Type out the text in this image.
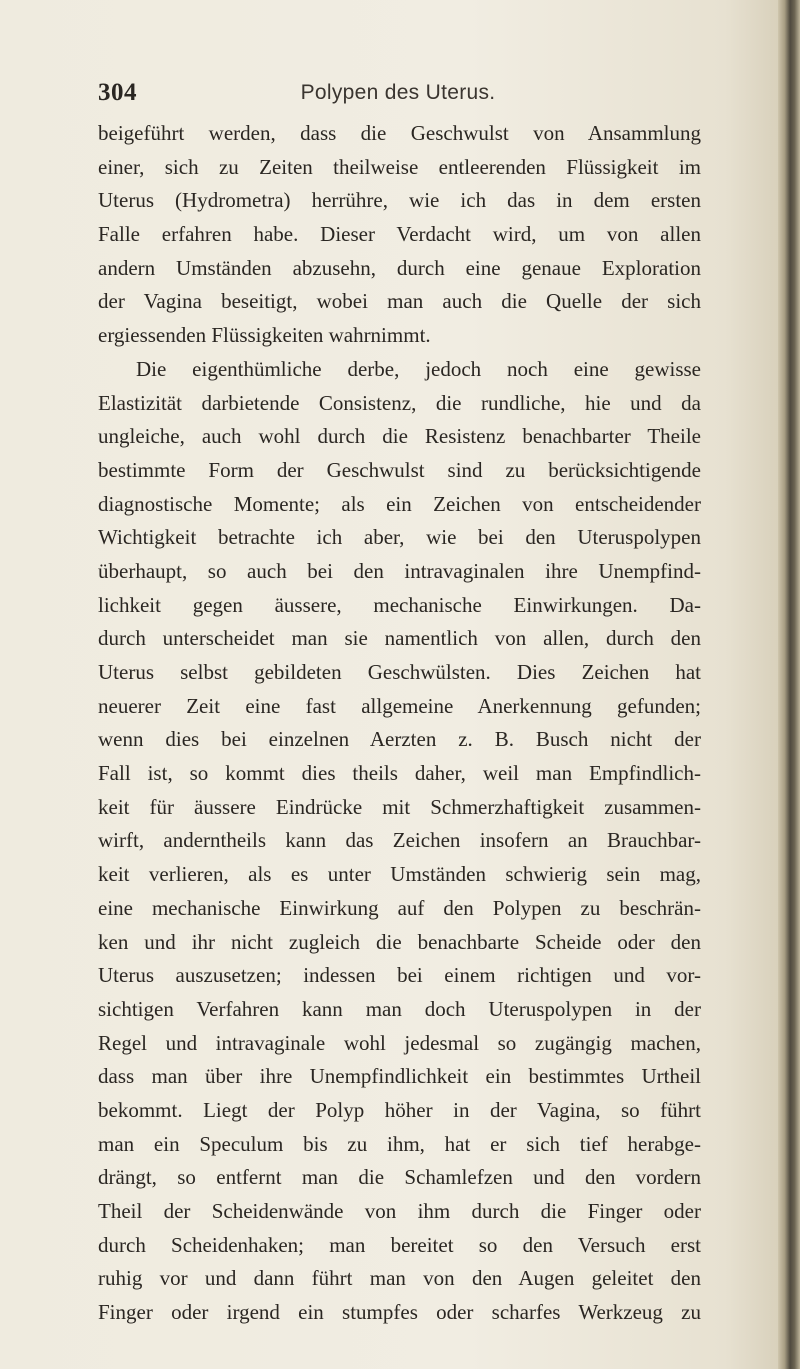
304	Polypen des Uterus.
beigeführt werden, dass die Geschwulst von Ansammlung
einer, sich zu Zeiten theilweise entleerenden Flüssigkeit im
Uterus (Hydrometra) herrühre, wie ich das in dem ersten
Falle erfahren habe. Dieser Verdacht wird, um von allen
andern Umständen abzusehn, durch eine genaue Exploration
der Vagina beseitigt, wobei man auch die Quelle der sich
ergiessenden Flüssigkeiten wahrnimmt.
Die eigenthümliche derbe, jedoch noch eine gewisse
Elastizität darbietende Consistenz, die rundliche, hie und da
ungleiche, auch wohl durch die Resistenz benachbarter Theile
bestimmte Form der Geschwulst sind zu berücksichtigende
diagnostische Momente; als ein Zeichen von entscheidender
Wichtigkeit betrachte ich aber, wie bei den Uteruspolypen
überhaupt, so auch bei den intravaginalen ihre Unempfind-
lichkeit gegen äussere, mechanische Einwirkungen. Da-
durch unterscheidet man sie namentlich von allen, durch den
Uterus selbst gebildeten Geschwülsten. Dies Zeichen hat
neuerer Zeit eine fast allgemeine Anerkennung gefunden;
wenn dies bei einzelnen Aerzten z. B. Busch nicht der
Fall ist, so kommt dies theils daher, weil man Empfindlich-
keit für äussere Eindrücke mit Schmerzhaftigkeit zusammen-
wirft, anderntheils kann das Zeichen insofern an Brauchbar-
keit verlieren, als es unter Umständen schwierig sein mag,
eine mechanische Einwirkung auf den Polypen zu beschrän-
ken und ihr nicht zugleich die benachbarte Scheide oder den
Uterus auszusetzen; indessen bei einem richtigen und vor-
sichtigen Verfahren kann man doch Uteruspolypen in der
Regel und intravaginale wohl jedesmal so zugängig machen,
dass man über ihre Unempfindlichkeit ein bestimmtes Urtheil
bekommt. Liegt der Polyp höher in der Vagina, so führt
man ein Speculum bis zu ihm, hat er sich tief herabge-
drängt, so entfernt man die Schamlefzen und den vordern
Theil der Scheidenwände von ihm durch die Finger oder
durch Scheidenhaken; man bereitet so den Versuch erst
ruhig vor und dann führt man von den Augen geleitet den
Finger oder irgend ein stumpfes oder scharfes Werkzeug zu
